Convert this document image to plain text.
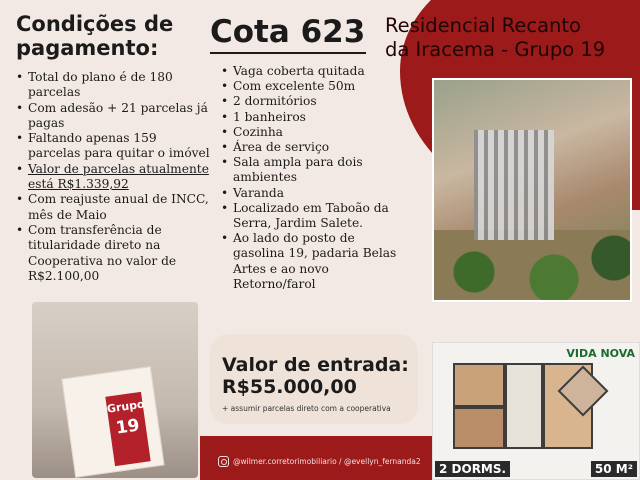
Condições de pagamento:
• Total do plano é de 180 parcelas
• Com adesão + 21 parcelas já pagas
• Faltando apenas 159 parcelas para quitar o imóvel
• Valor de parcelas atualmente está R$1.339,92
• Com reajuste anual de INCC, mês de Maio
• Com transferência de titularidade direto na Cooperativa no valor de R$2.100,00
Cota 623
• Vaga coberta quitada
• Com excelente 50m
• 2 dormitórios
• 1 banheiros
• Cozinha
• Área de serviço
• Sala ampla para dois ambientes
• Varanda
• Localizado em Taboão da Serra, Jardim Salete.
• Ao lado do posto de gasolina 19, padaria Belas Artes e ao novo Retorno/farol
Residencial Recanto
da Iracema - Grupo 19
Grupo
19
Valor de entrada:
R$55.000,00
+ assumir parcelas direto com a cooperativa
VIDA NOVA
2 DORMS.	50 M²
@wilmer.corretorimobiliario / @evellyn_fernanda2
